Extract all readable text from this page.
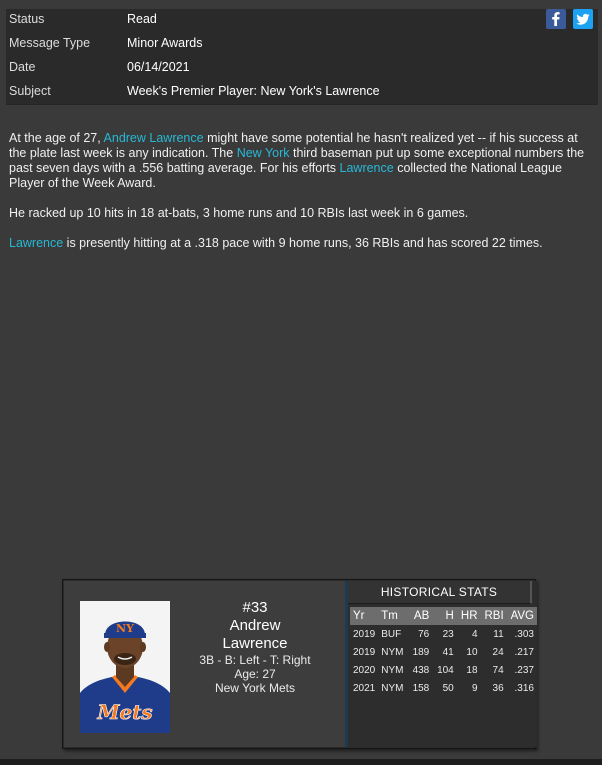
Status	Read
Message Type	Minor Awards
Date	06/14/2021
Subject	Week's Premier Player: New York's Lawrence

At the age of 27, Andrew Lawrence might have some potential he hasn't realized yet -- if his success at the plate last week is any indication. The New York third baseman put up some exceptional numbers the past seven days with a .556 batting average. For his efforts Lawrence collected the National League Player of the Week Award.

He racked up 10 hits in 18 at-bats, 3 home runs and 10 RBIs last week in 6 games.

Lawrence is presently hitting at a .318 pace with 9 home runs, 36 RBIs and has scored 22 times.

NY
Mets
#33
Andrew
Lawrence
3B - B: Left - T: Right
Age: 27
New York Mets
HISTORICAL STATS
Yr	Tm	AB	H	HR	RBI	AVG
2019	BUF	76	23	4	11	.303
2019	NYM	189	41	10	24	.217
2020	NYM	438	104	18	74	.237
2021	NYM	158	50	9	36	.316
